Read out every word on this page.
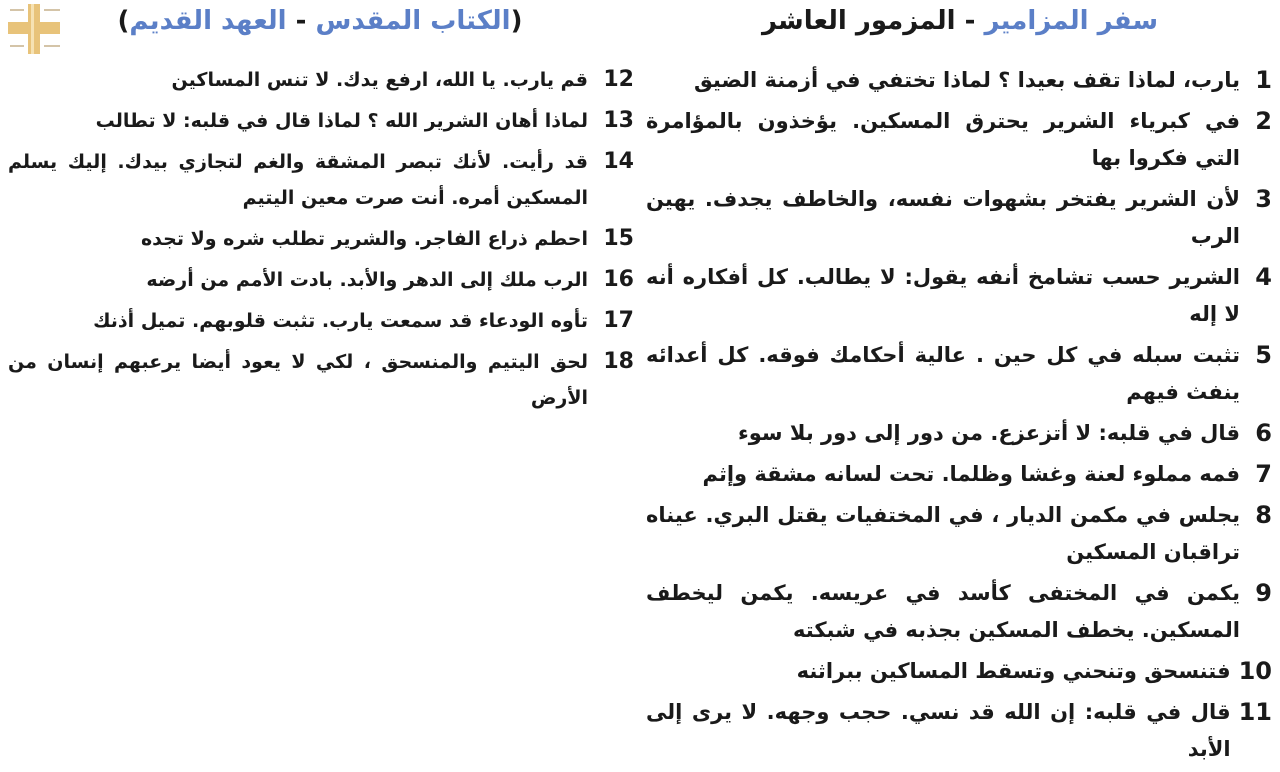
(الكتاب المقدس - العهد القديم)	سفر المزامير - المزمور العاشر
1
يارب، لماذا تقف بعيدا ؟ لماذا تختفي في أزمنة الضيق
2
في كبرياء الشرير يحترق المسكين. يؤخذون بالمؤامرة التي فكروا بها
3
لأن الشرير يفتخر بشهوات نفسه، والخاطف يجدف. يهين الرب
4
الشرير حسب تشامخ أنفه يقول: لا يطالب. كل أفكاره أنه لا إله
5
تثبت سبله في كل حين . عالية أحكامك فوقه. كل أعدائه ينفث فيهم
6
قال في قلبه: لا أتزعزع. من دور إلى دور بلا سوء
7
فمه مملوء لعنة وغشا وظلما. تحت لسانه مشقة وإثم
8
يجلس في مكمن الديار ، في المختفيات يقتل البري. عيناه تراقبان المسكين
9
يكمن في المختفى كأسد في عريسه. يكمن ليخطف المسكين. يخطف المسكين بجذبه في شبكته
10
فتنسحق وتنحني وتسقط المساكين ببراثنه
11
قال في قلبه: إن الله قد نسي. حجب وجهه. لا يرى إلى الأبد
12
قم يارب. يا الله، ارفع يدك. لا تنس المساكين
13
لماذا أهان الشرير الله ؟ لماذا قال في قلبه: لا تطالب
14
قد رأيت. لأنك تبصر المشقة والغم لتجازي بيدك. إليك يسلم المسكين أمره. أنت صرت معين اليتيم
15
احطم ذراع الفاجر. والشرير تطلب شره ولا تجده
16
الرب ملك إلى الدهر والأبد. بادت الأمم من أرضه
17
تأوه الودعاء قد سمعت يارب. تثبت قلوبهم. تميل أذنك
18
لحق اليتيم والمنسحق ، لكي لا يعود أيضا يرعبهم إنسان من الأرض
